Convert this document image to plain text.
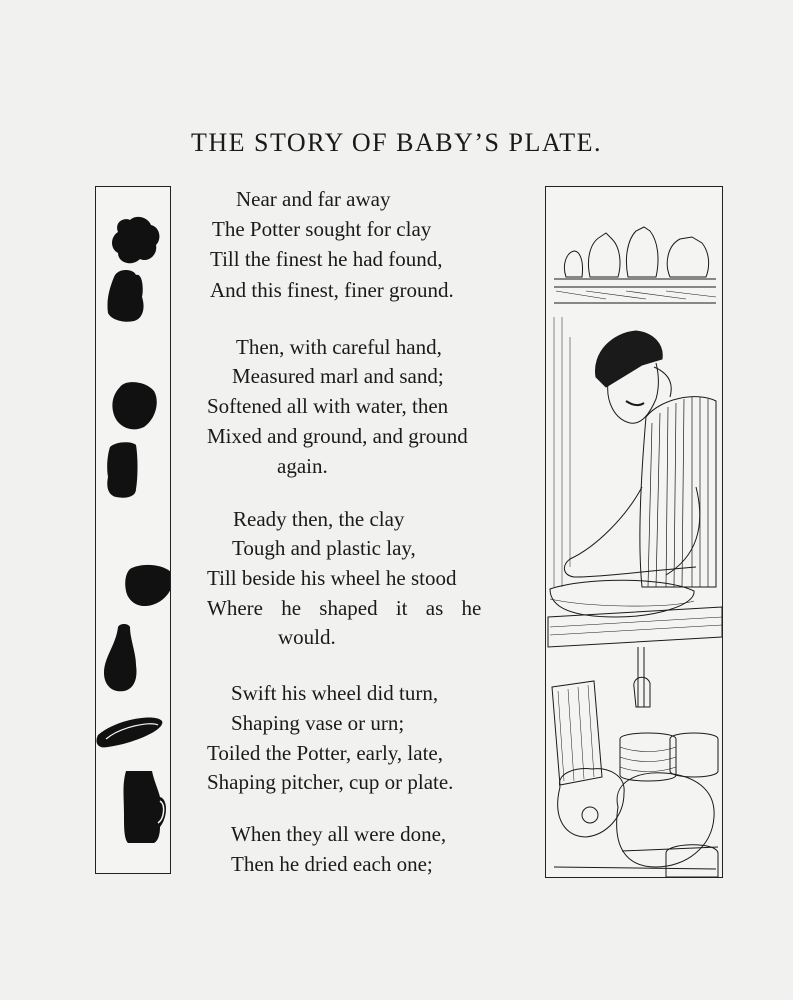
THE STORY OF BABY’S PLATE.
Near and far away
The Potter sought for clay
Till the finest he had found,
And this finest, finer ground.
Then, with careful hand,
Measured marl and sand;
Softened all with water, then
Mixed and ground, and ground
again.
Ready then, the clay
Tough and plastic lay,
Till beside his wheel he stood
Where he shaped it as he
would.
Swift his wheel did turn,
Shaping vase or urn;
Toiled the Potter, early, late,
Shaping pitcher, cup or plate.
When they all were done,
Then he dried each one;
